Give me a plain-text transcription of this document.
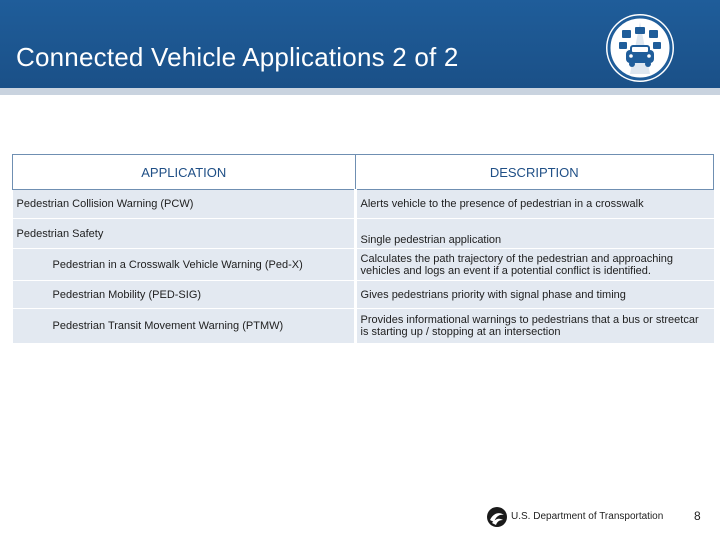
Connected Vehicle Applications 2 of 2
APPLICATION	DESCRIPTION
Pedestrian Collision Warning (PCW)	Alerts vehicle to the presence of pedestrian in a crosswalk
Pedestrian Safety	Single pedestrian application
Pedestrian in a Crosswalk Vehicle Warning (Ped-X)	Calculates the path trajectory of the pedestrian and approaching vehicles and logs an event if a potential conflict is identified.
Pedestrian Mobility (PED-SIG)	Gives pedestrians priority with signal phase and timing
Pedestrian Transit Movement Warning (PTMW)	Provides informational warnings to pedestrians that a bus or streetcar is starting up / stopping at an intersection
U.S. Department of Transportation	8
